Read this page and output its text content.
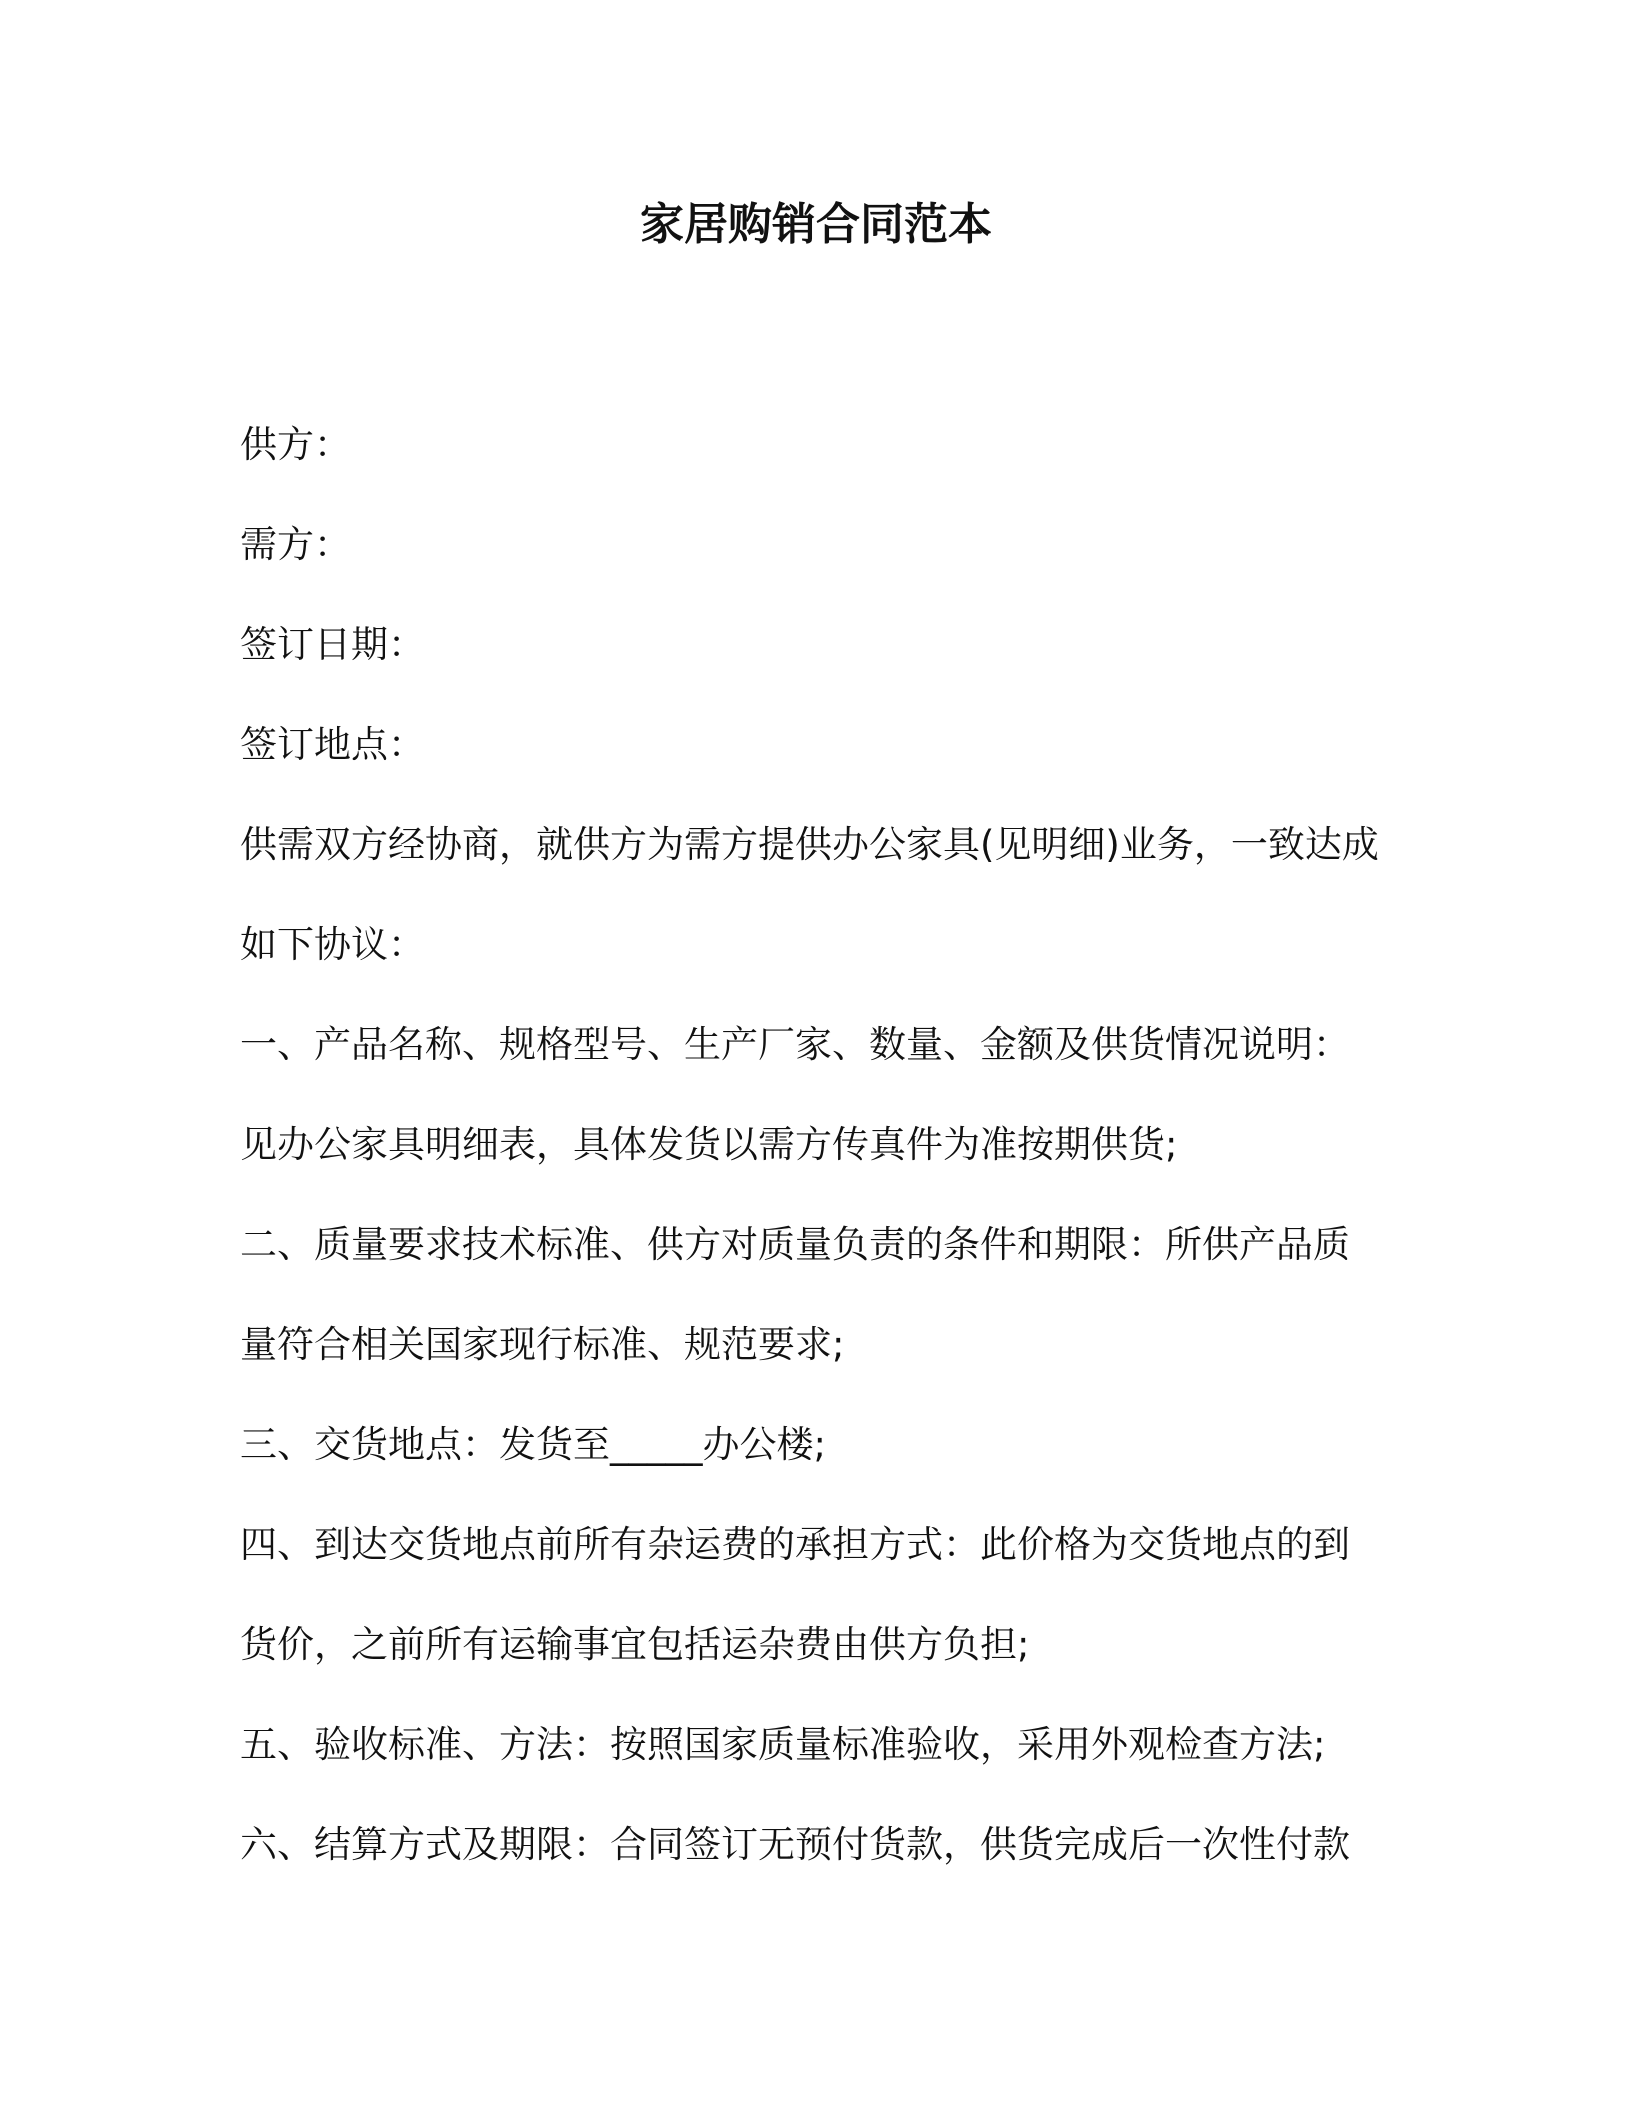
家居购销合同范本
供方：
需方：
签订日期：
签订地点：
供需双方经协商，就供方为需方提供办公家具(见明细)业务，一致达成
如下协议：
一、产品名称、规格型号、生产厂家、数量、金额及供货情况说明：
见办公家具明细表，具体发货以需方传真件为准按期供货;
二、质量要求技术标准、供方对质量负责的条件和期限：所供产品质
量符合相关国家现行标准、规范要求;
三、交货地点：发货至_____办公楼;
四、到达交货地点前所有杂运费的承担方式：此价格为交货地点的到
货价，之前所有运输事宜包括运杂费由供方负担;
五、验收标准、方法：按照国家质量标准验收，采用外观检查方法;
六、结算方式及期限：合同签订无预付货款，供货完成后一次性付款
